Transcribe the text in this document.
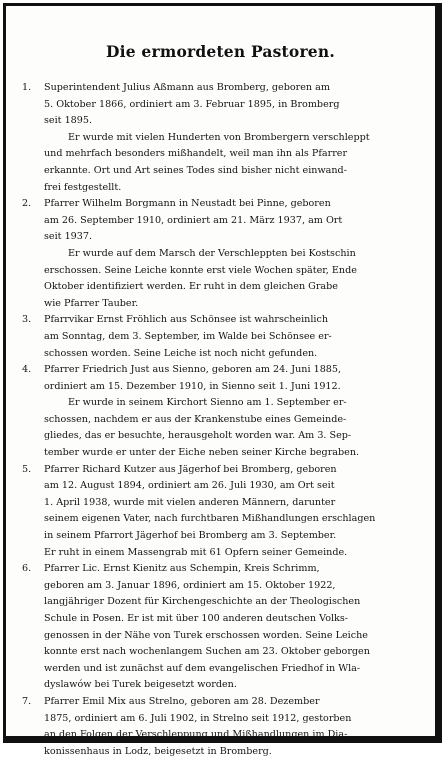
Die ermordeten Pastoren.
1. Superintendent Julius Aßmann aus Bromberg, geboren am
5. Oktober 1866, ordiniert am 3. Februar 1895, in Bromberg
seit 1895.
Er wurde mit vielen Hunderten von Brombergern verschleppt
und mehrfach besonders mißhandelt, weil man ihn als Pfarrer
erkannte. Ort und Art seines Todes sind bisher nicht einwand-
frei festgestellt.
2. Pfarrer Wilhelm Borgmann in Neustadt bei Pinne, geboren
am 26. September 1910, ordiniert am 21. März 1937, am Ort
seit 1937.
Er wurde auf dem Marsch der Verschleppten bei Kostschin
erschossen. Seine Leiche konnte erst viele Wochen später, Ende
Oktober identifiziert werden. Er ruht in dem gleichen Grabe
wie Pfarrer Tauber.
3. Pfarrvikar Ernst Fröhlich aus Schönsee ist wahrscheinlich
am Sonntag, dem 3. September, im Walde bei Schönsee er-
schossen worden. Seine Leiche ist noch nicht gefunden.
4. Pfarrer Friedrich Just aus Sienno, geboren am 24. Juni 1885,
ordiniert am 15. Dezember 1910, in Sienno seit 1. Juni 1912.
Er wurde in seinem Kirchort Sienno am 1. September er-
schossen, nachdem er aus der Krankenstube eines Gemeinde-
gliedes, das er besuchte, herausgeholt worden war. Am 3. Sep-
tember wurde er unter der Eiche neben seiner Kirche begraben.
5. Pfarrer Richard Kutzer aus Jägerhof bei Bromberg, geboren
am 12. August 1894, ordiniert am 26. Juli 1930, am Ort seit
1. April 1938, wurde mit vielen anderen Männern, darunter
seinem eigenen Vater, nach furchtbaren Mißhandlungen erschlagen
in seinem Pfarrort Jägerhof bei Bromberg am 3. September.
Er ruht in einem Massengrab mit 61 Opfern seiner Gemeinde.
6. Pfarrer Lic. Ernst Kienitz aus Schempin, Kreis Schrimm,
geboren am 3. Januar 1896, ordiniert am 15. Oktober 1922,
langjähriger Dozent für Kirchengeschichte an der Theologischen
Schule in Posen. Er ist mit über 100 anderen deutschen Volks-
genossen in der Nähe von Turek erschossen worden. Seine Leiche
konnte erst nach wochenlangem Suchen am 23. Oktober geborgen
werden und ist zunächst auf dem evangelischen Friedhof in Wla-
dyslawów bei Turek beigesetzt worden.
7. Pfarrer Emil Mix aus Strelno, geboren am 28. Dezember
1875, ordiniert am 6. Juli 1902, in Strelno seit 1912, gestorben
an den Folgen der Verschleppung und Mißhandlungen im Dia-
konissenhaus in Lodz, beigesetzt in Bromberg.
